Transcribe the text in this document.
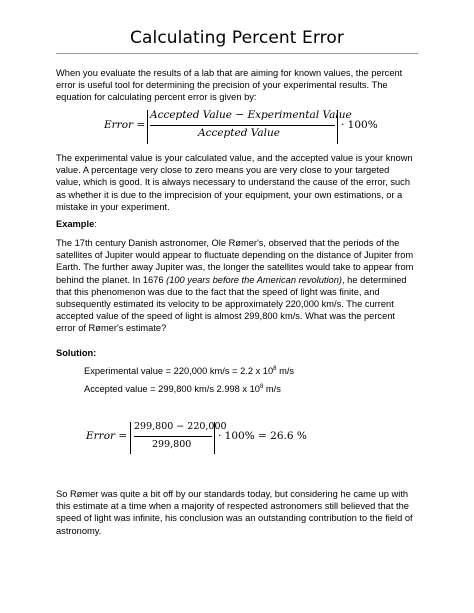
Calculating Percent Error
When you evaluate the results of a lab that are aiming for known values, the percent
error is useful tool for determining the precision of your experimental results. The
equation for calculating percent error is given by:
Error =
Accepted Value − Experimental Value
Accepted Value
· 100%
The experimental value is your calculated value, and the accepted value is your known
value. A percentage very close to zero means you are very close to your targeted
value, which is good. It is always necessary to understand the cause of the error, such
as whether it is due to the imprecision of your equipment, your own estimations, or a
mistake in your experiment.
Example:
The 17th century Danish astronomer, Ole Rømer's, observed that the periods of the
satellites of Jupiter would appear to fluctuate depending on the distance of Jupiter from
Earth. The further away Jupiter was, the longer the satellites would take to appear from
behind the planet. In 1676 (100 years before the American revolution), he determined
that this phenomenon was due to the fact that the speed of light was finite, and
subsequently estimated its velocity to be approximately 220,000 km/s. The current
accepted value of the speed of light is almost 299,800 km/s. What was the percent
error of Rømer's estimate?
Solution:
Experimental value = 220,000 km/s = 2.2 x $10^8$ m/s
Accepted value = 299,800 km/s 2.998 x $10^8$ m/s
Error =
299,800 − 220,000
299,800
· 100% = 26.6 %
So Rømer was quite a bit off by our standards today, but considering he came up with
this estimate at a time when a majority of respected astronomers still believed that the
speed of light was infinite, his conclusion was an outstanding contribution to the field of
astronomy.
